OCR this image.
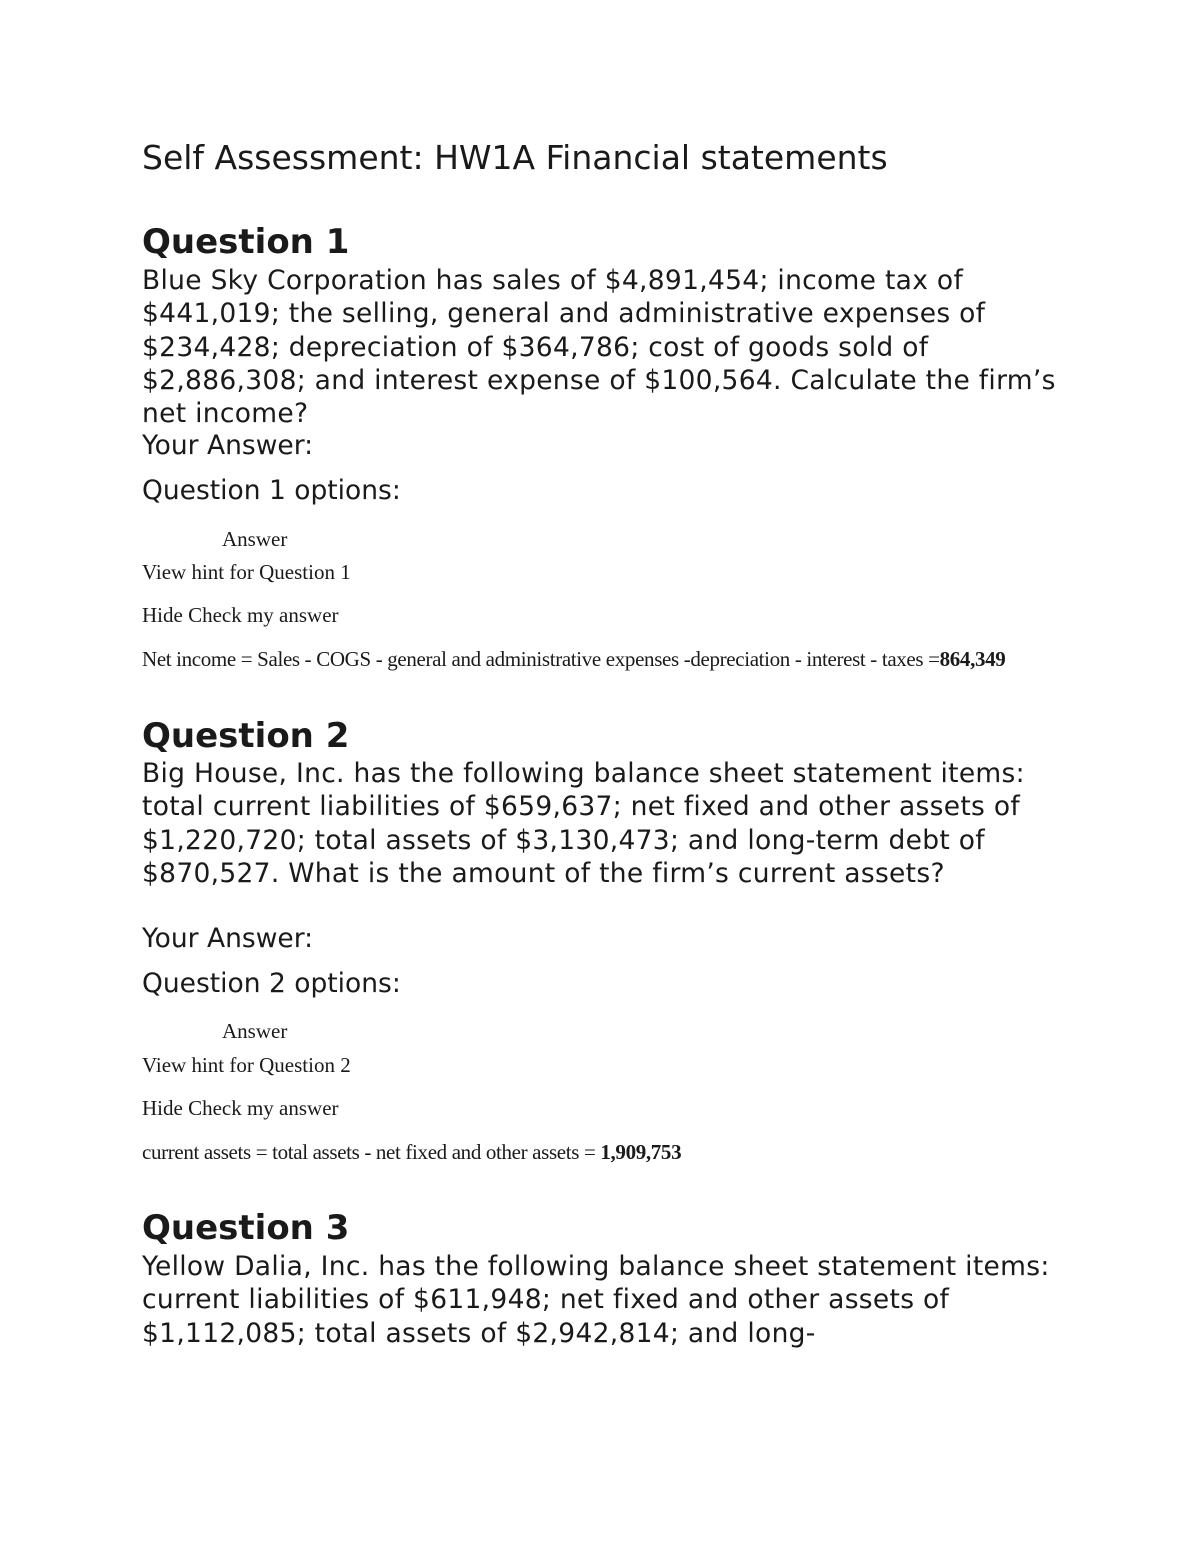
Self Assessment: HW1A Financial statements
Question 1

Blue Sky Corporation has sales of $4,891,454; income tax of $441,019; the selling, general and administrative expenses of $234,428; depreciation of $364,786; cost of goods sold of $2,886,308; and interest expense of $100,564. Calculate the firm’s net income?

Your Answer:

Question 1 options:

Answer

View hint for Question 1

Hide Check my answer

Net income = Sales - COGS - general and administrative expenses -depreciation - interest - taxes =864,349

Question 2

Big House, Inc. has the following balance sheet statement items: total current liabilities of $659,637; net fixed and other assets of $1,220,720; total assets of $3,130,473; and long-term debt of $870,527. What is the amount of the firm’s current assets?

Your Answer:

Question 2 options:

Answer

View hint for Question 2

Hide Check my answer

current assets = total assets - net fixed and other assets = 1,909,753

Question 3

Yellow Dalia, Inc. has the following balance sheet statement items: current liabilities of $611,948; net fixed and other assets of $1,112,085; total assets of $2,942,814; and long-
